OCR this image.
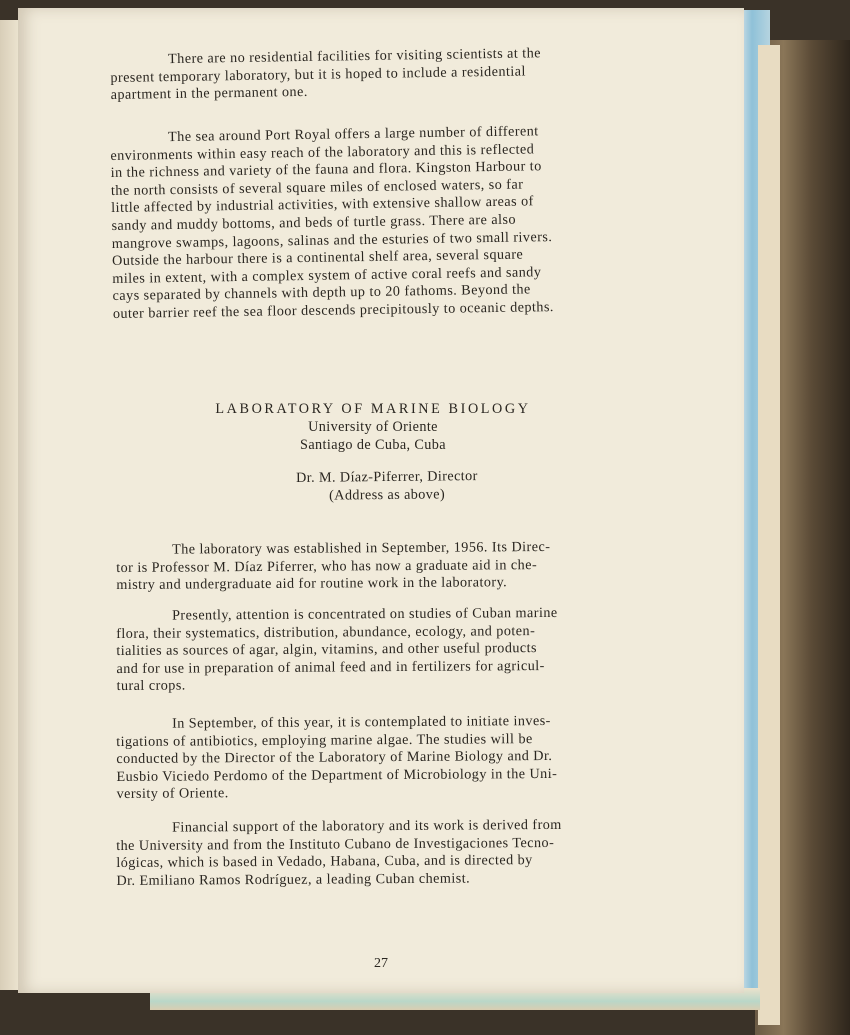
There are no residential facilities for visiting scientists at the
present temporary laboratory, but it is hoped to include a residential
apartment in the permanent one.

The sea around Port Royal offers a large number of different
environments within easy reach of the laboratory and this is reflected
in the richness and variety of the fauna and flora. Kingston Harbour to
the north consists of several square miles of enclosed waters, so far
little affected by industrial activities, with extensive shallow areas of
sandy and muddy bottoms, and beds of turtle grass. There are also
mangrove swamps, lagoons, salinas and the esturies of two small rivers.
Outside the harbour there is a continental shelf area, several square
miles in extent, with a complex system of active coral reefs and sandy
cays separated by channels with depth up to 20 fathoms. Beyond the
outer barrier reef the sea floor descends precipitously to oceanic depths.

LABORATORY OF MARINE BIOLOGY
University of Oriente
Santiago de Cuba, Cuba
Dr. M. Díaz-Piferrer, Director
(Address as above)

The laboratory was established in September, 1956. Its Direc-
tor is Professor M. Díaz Piferrer, who has now a graduate aid in che-
mistry and undergraduate aid for routine work in the laboratory.

Presently, attention is concentrated on studies of Cuban marine
flora, their systematics, distribution, abundance, ecology, and poten-
tialities as sources of agar, algin, vitamins, and other useful products
and for use in preparation of animal feed and in fertilizers for agricul-
tural crops.

In September, of this year, it is contemplated to initiate inves-
tigations of antibiotics, employing marine algae. The studies will be
conducted by the Director of the Laboratory of Marine Biology and Dr.
Eusbio Viciedo Perdomo of the Department of Microbiology in the Uni-
versity of Oriente.

Financial support of the laboratory and its work is derived from
the University and from the Instituto Cubano de Investigaciones Tecno-
lógicas, which is based in Vedado, Habana, Cuba, and is directed by
Dr. Emiliano Ramos Rodríguez, a leading Cuban chemist.

27
